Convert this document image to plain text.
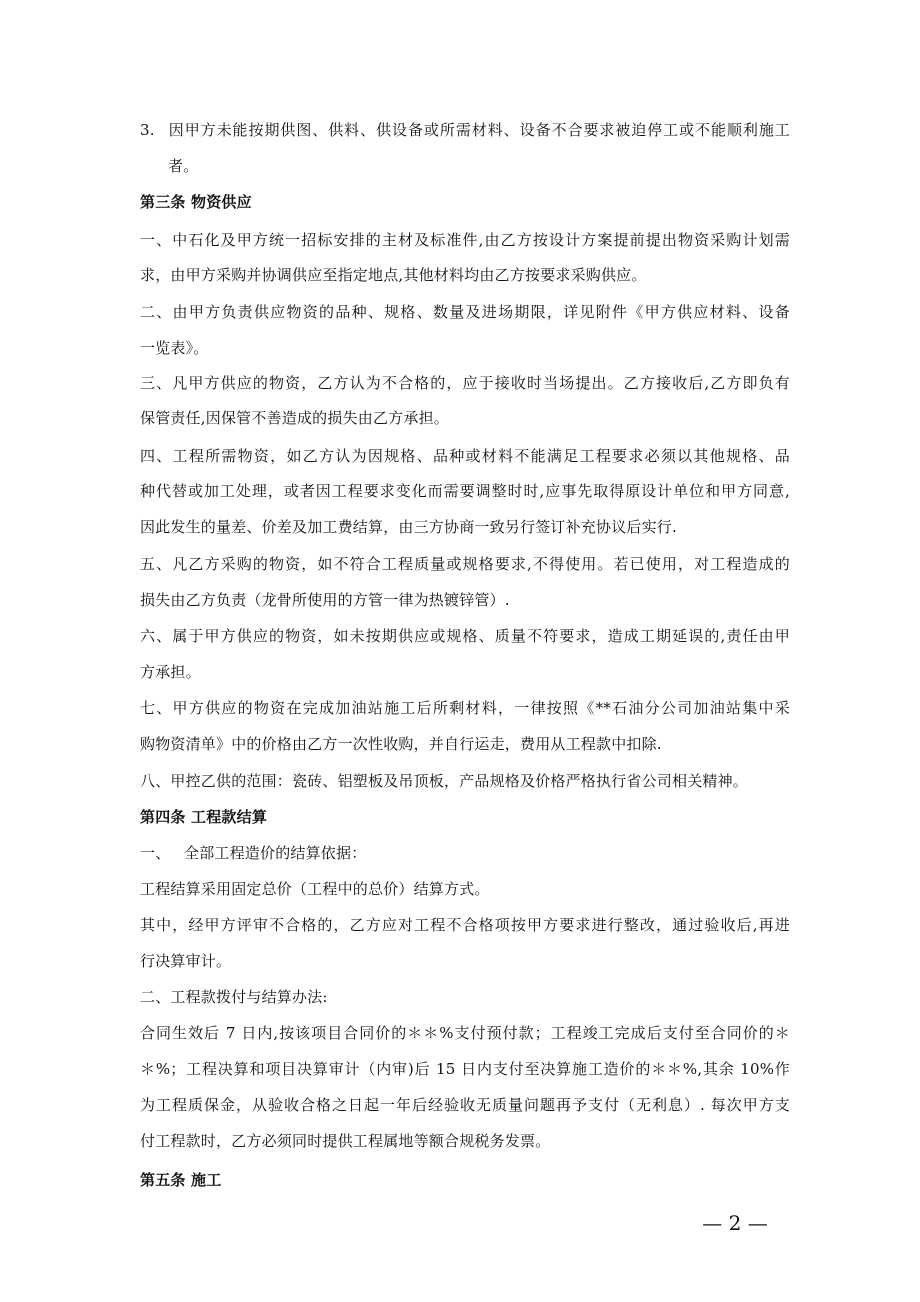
3. 因甲方未能按期供图、供料、供设备或所需材料、设备不合要求被迫停工或不能顺利施工
者。
第三条 物资供应
一、中石化及甲方统一招标安排的主材及标准件,由乙方按设计方案提前提出物资采购计划需
求，由甲方采购并协调供应至指定地点,其他材料均由乙方按要求采购供应。
二、由甲方负责供应物资的品种、规格、数量及进场期限，详见附件《甲方供应材料、设备
一览表》。
三、凡甲方供应的物资，乙方认为不合格的，应于接收时当场提出。乙方接收后,乙方即负有
保管责任,因保管不善造成的损失由乙方承担。
四、工程所需物资，如乙方认为因规格、品种或材料不能满足工程要求必须以其他规格、品
种代替或加工处理，或者因工程要求变化而需要调整时时,应事先取得原设计单位和甲方同意,
因此发生的量差、价差及加工费结算，由三方协商一致另行签订补充协议后实行.
五、凡乙方采购的物资，如不符合工程质量或规格要求,不得使用。若已使用，对工程造成的
损失由乙方负责（龙骨所使用的方管一律为热镀锌管）.
六、属于甲方供应的物资，如未按期供应或规格、质量不符要求，造成工期延误的,责任由甲
方承担。
七、甲方供应的物资在完成加油站施工后所剩材料，一律按照《**石油分公司加油站集中采
购物资清单》中的价格由乙方一次性收购，并自行运走，费用从工程款中扣除.
八、甲控乙供的范围：瓷砖、铝塑板及吊顶板，产品规格及价格严格执行省公司相关精神。
第四条 工程款结算
一、 全部工程造价的结算依据：
工程结算采用固定总价（工程中的总价）结算方式。
其中，经甲方评审不合格的，乙方应对工程不合格项按甲方要求进行整改，通过验收后,再进
行决算审计。
二、工程款拨付与结算办法:
合同生效后 7 日内,按该项目合同价的＊＊%支付预付款；工程竣工完成后支付至合同价的＊
＊%；工程决算和项目决算审计（内审)后 15 日内支付至决算施工造价的＊＊%,其余 10%作
为工程质保金，从验收合格之日起一年后经验收无质量问题再予支付（无利息）. 每次甲方支
付工程款时，乙方必须同时提供工程属地等额合规税务发票。
第五条 施工
— 2 —
